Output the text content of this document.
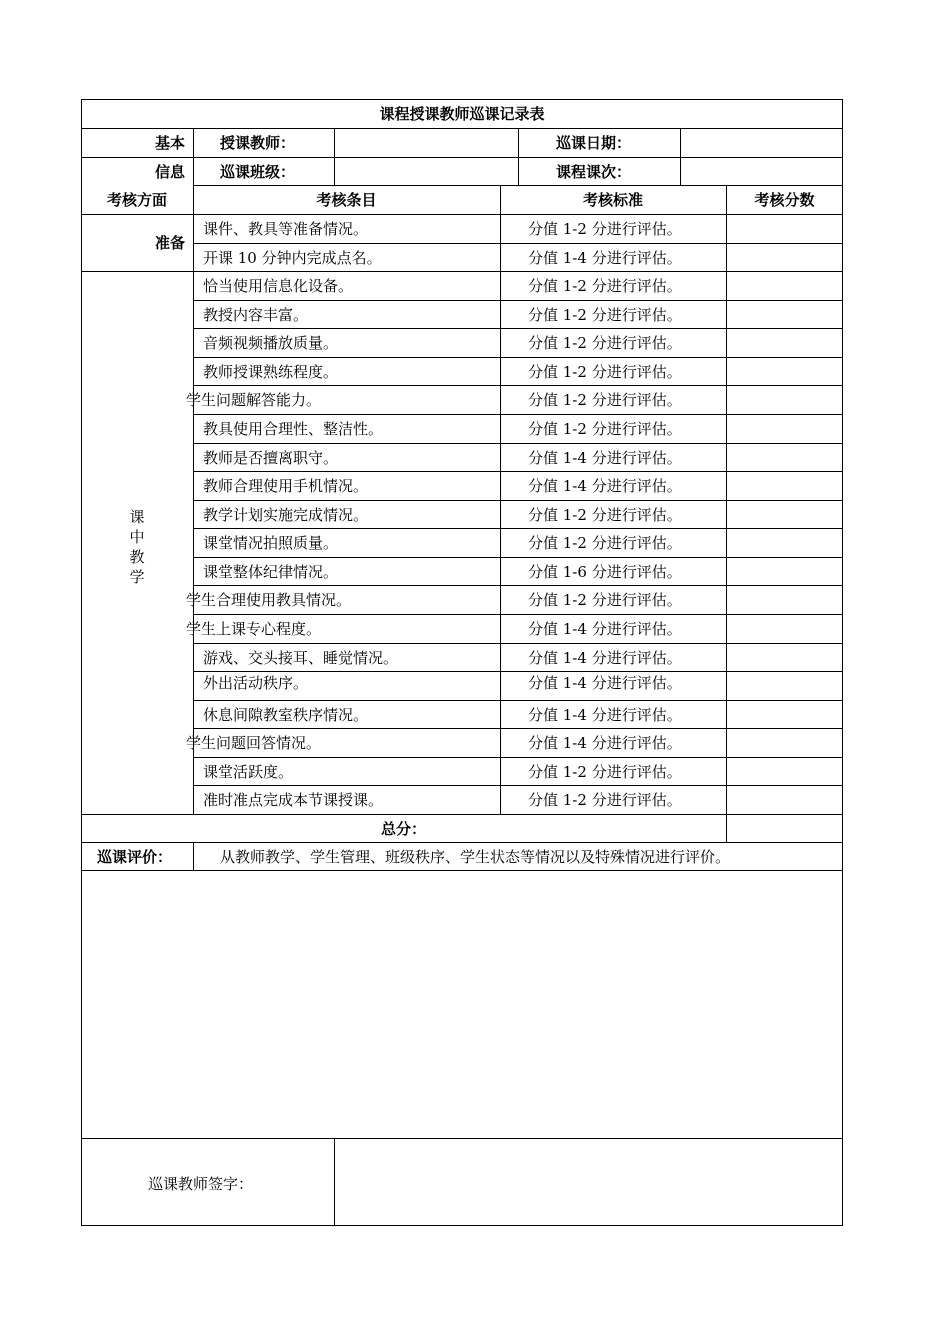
课程授课教师巡课记录表
基本
信息
授课教师：	巡课日期：
巡课班级：	课程课次：
考核方面	考核条目	考核标准	考核分数
准备
课件、教具等准备情况。	分值 1-2 分进行评估。
开课 10 分钟内完成点名。	分值 1-4 分进行评估。
课中教学
恰当使用信息化设备。	分值 1-2 分进行评估。
教授内容丰富。	分值 1-2 分进行评估。
音频视频播放质量。	分值 1-2 分进行评估。
教师授课熟练程度。	分值 1-2 分进行评估。
学生问题解答能力。	分值 1-2 分进行评估。
教具使用合理性、整洁性。	分值 1-2 分进行评估。
教师是否擅离职守。	分值 1-4 分进行评估。
教师合理使用手机情况。	分值 1-4 分进行评估。
教学计划实施完成情况。	分值 1-2 分进行评估。
课堂情况拍照质量。	分值 1-2 分进行评估。
课堂整体纪律情况。	分值 1-6 分进行评估。
学生合理使用教具情况。	分值 1-2 分进行评估。
学生上课专心程度。	分值 1-4 分进行评估。
游戏、交头接耳、睡觉情况。	分值 1-4 分进行评估。
外出活动秩序。	分值 1-4 分进行评估。
休息间隙教室秩序情况。	分值 1-4 分进行评估。
学生问题回答情况。	分值 1-4 分进行评估。
课堂活跃度。	分值 1-2 分进行评估。
准时准点完成本节课授课。	分值 1-2 分进行评估。
总分：
巡课评价：	从教师教学、学生管理、班级秩序、学生状态等情况以及特殊情况进行评价。
巡课教师签字：
